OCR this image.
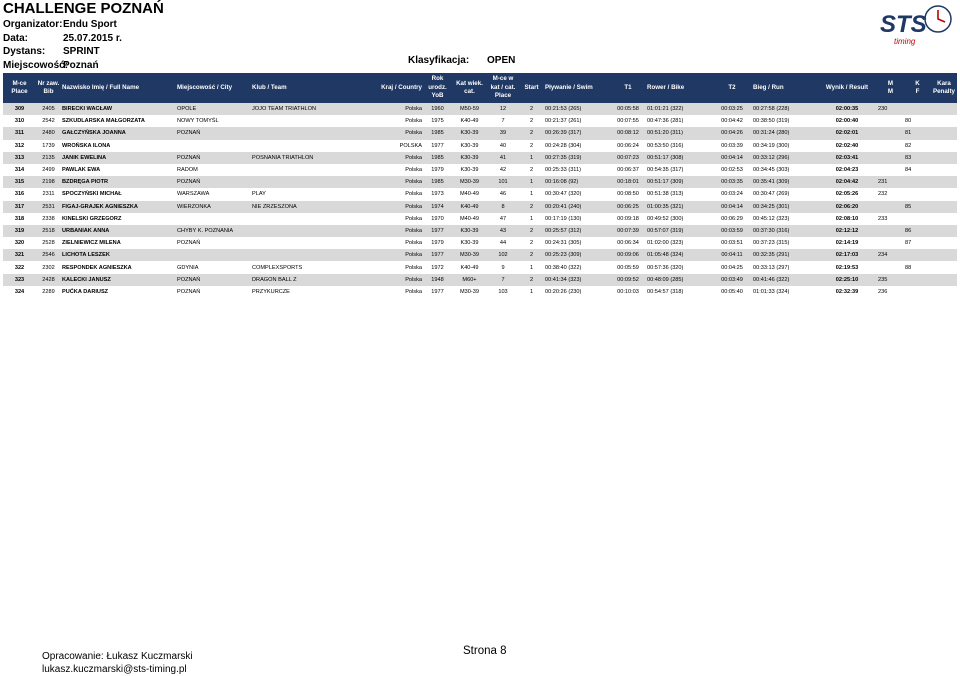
CHALLENGE POZNAŃ
Organizator: Endu Sport
Data:	25.07.2015 r.
Dystans:	SPRINT
Miejscowość:
Poznań	Klasyfikacja: OPEN
STS
timing
M-ce
Place	Nr zaw.
Bib	Nazwisko Imię / Full Name	Miejscowość / City	Klub / Team	Kraj / Country	Rok
urodz.
YoB	Kat wiek.
cat.	M-ce w
kat / cat.
Place	Start	Pływanie / Swim	T1	Rower / Bike	T2	Bieg / Run	Wynik / Result	M
M	K
F	Kara
Penalty
309	2405	BIRECKI WACŁAW	OPOLE	JOJO TEAM TRIATHLON	Polska	1960	M50-59	12	2	00:21:53 (265)	00:05:58	01:01:21 (322)	00:03:25	00:27:58 (228)	02:00:35	230		
310	2542	SZKUDLARSKA MAŁGORZATA	NOWY TOMYŚL		Polska	1975	K40-49	7	2	00:21:37 (261)	00:07:55	00:47:36 (281)	00:04:42	00:38:50 (319)	02:00:40		80	
311	2480	GAŁCZYŃSKA JOANNA	POZNAŃ		Polska	1985	K30-39	39	2	00:26:39 (317)	00:08:12	00:51:20 (311)	00:04:26	00:31:24 (280)	02:02:01		81	
312	1739	WROŃSKA ILONA			POLSKA	1977	K30-39	40	2	00:24:28 (304)	00:06:24	00:53:50 (316)	00:03:39	00:34:19 (300)	02:02:40		82	
313	2135	JANIK EWELINA	POZNAŃ	POSNANIA TRIATHLON	Polska	1985	K30-39	41	1	00:27:35 (319)	00:07:23	00:51:17 (308)	00:04:14	00:33:12 (296)	02:03:41		83	
314	2499	PAWLAK EWA	RADOM		Polska	1979	K30-39	42	2	00:25:33 (311)	00:06:37	00:54:35 (317)	00:02:53	00:34:45 (303)	02:04:23		84	
315	2198	BZDRĘGA PIOTR	POZNAŃ		Polska	1985	M30-39	101	1	00:16:08 (92)	00:18:01	00:51:17 (309)	00:03:35	00:35:41 (309)	02:04:42	231		
316	2311	SPOCZYŃSKI MICHAŁ	WARSZAWA	PLAY	Polska	1973	M40-49	46	1	00:30:47 (320)	00:08:50	00:51:38 (313)	00:03:24	00:30:47 (269)	02:05:26	232		
317	2531	FIGAJ-GRAJEK AGNIESZKA	WIERZONKA	NIE ZRZESZONA	Polska	1974	K40-49	8	2	00:20:41 (240)	00:06:25	01:00:35 (321)	00:04:14	00:34:25 (301)	02:06:20		85	
318	2338	KINELSKI GRZEGORZ			Polska	1970	M40-49	47	1	00:17:19 (130)	00:09:18	00:49:52 (300)	00:06:29	00:45:12 (323)	02:08:10	233		
319	2518	URBANIAK ANNA	CHYBY K. POZNANIA		Polska	1977	K30-39	43	2	00:25:57 (312)	00:07:39	00:57:07 (319)	00:03:59	00:37:30 (316)	02:12:12		86	
320	2528	ZIELNIEWICZ MILENA	POZNAŃ		Polska	1979	K30-39	44	2	00:24:31 (305)	00:06:34	01:02:00 (323)	00:03:51	00:37:23 (315)	02:14:19		87	
321	2546	LICHOTA LESZEK			Polska	1977	M30-39	102	2	00:25:23 (309)	00:09:06	01:05:48 (324)	00:04:11	00:32:35 (291)	02:17:03	234		
322	2302	RESPONDEK AGNIESZKA	GDYNIA	COMPLEXSPORTS	Polska	1972	K40-49	9	1	00:38:40 (322)	00:05:59	00:57:36 (320)	00:04:25	00:33:13 (297)	02:19:53		88	
323	2428	KALECKI JANUSZ	POZNAŃ	DRAGON BALL Z	Polska	1948	M60+	7	2	00:41:34 (323)	00:09:52	00:48:09 (285)	00:03:49	00:41:46 (322)	02:25:10	235		
324	2289	PUĆKA DARIUSZ	POZNAŃ	PRZYKURCZE	Polska	1977	M30-39	103	1	00:20:26 (230)	00:10:03	00:54:57 (318)	00:05:40	01:01:33 (324)	02:32:39	236		
Opracowanie: Łukasz Kuczmarski
lukasz.kuczmarski@sts-timing.pl
Strona 8
